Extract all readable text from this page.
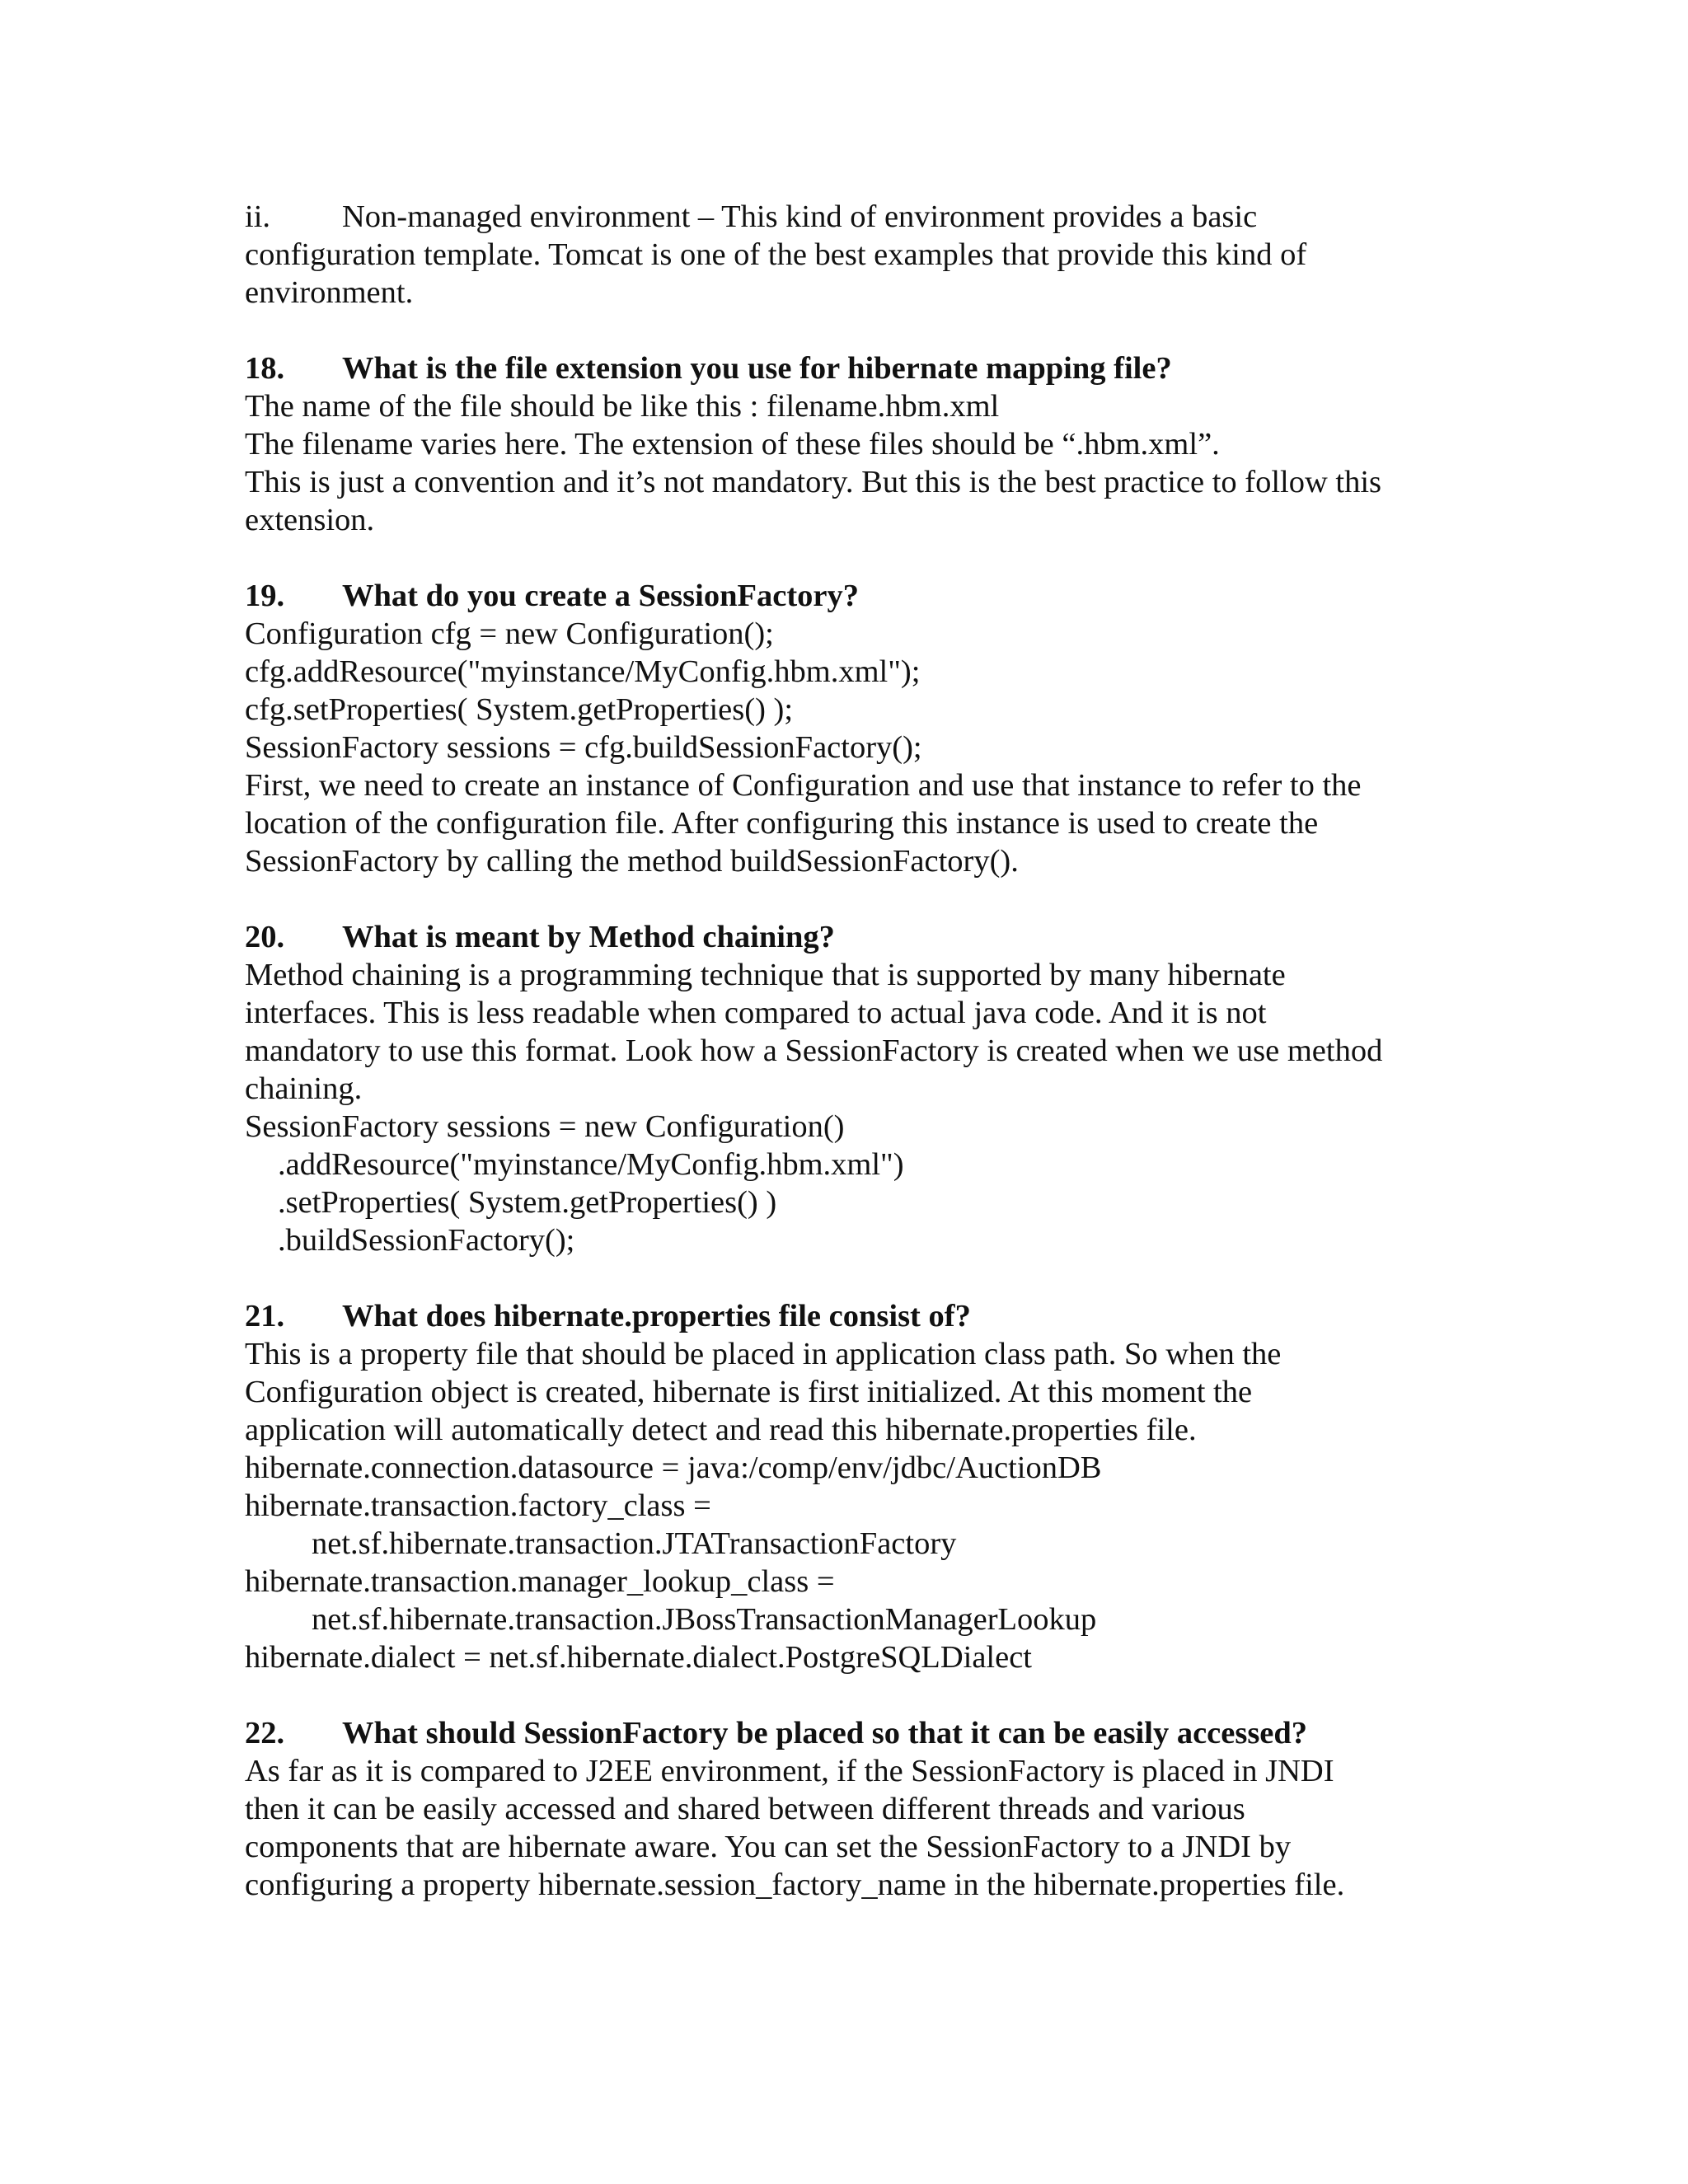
ii. Non-managed environment – This kind of environment provides a basic
configuration template. Tomcat is one of the best examples that provide this kind of
environment.
18. What is the file extension you use for hibernate mapping file?
The name of the file should be like this : filename.hbm.xml
The filename varies here. The extension of these files should be “.hbm.xml”.
This is just a convention and it’s not mandatory. But this is the best practice to follow this
extension.
19. What do you create a SessionFactory?
Configuration cfg = new Configuration();
cfg.addResource("myinstance/MyConfig.hbm.xml");
cfg.setProperties( System.getProperties() );
SessionFactory sessions = cfg.buildSessionFactory();
First, we need to create an instance of Configuration and use that instance to refer to the
location of the configuration file. After configuring this instance is used to create the
SessionFactory by calling the method buildSessionFactory().
20. What is meant by Method chaining?
Method chaining is a programming technique that is supported by many hibernate
interfaces. This is less readable when compared to actual java code. And it is not
mandatory to use this format. Look how a SessionFactory is created when we use method
chaining.
SessionFactory sessions = new Configuration()
.addResource("myinstance/MyConfig.hbm.xml")
.setProperties( System.getProperties() )
.buildSessionFactory();
21. What does hibernate.properties file consist of?
This is a property file that should be placed in application class path. So when the
Configuration object is created, hibernate is first initialized. At this moment the
application will automatically detect and read this hibernate.properties file.
hibernate.connection.datasource = java:/comp/env/jdbc/AuctionDB
hibernate.transaction.factory_class =
net.sf.hibernate.transaction.JTATransactionFactory
hibernate.transaction.manager_lookup_class =
net.sf.hibernate.transaction.JBossTransactionManagerLookup
hibernate.dialect = net.sf.hibernate.dialect.PostgreSQLDialect
22. What should SessionFactory be placed so that it can be easily accessed?
As far as it is compared to J2EE environment, if the SessionFactory is placed in JNDI
then it can be easily accessed and shared between different threads and various
components that are hibernate aware. You can set the SessionFactory to a JNDI by
configuring a property hibernate.session_factory_name in the hibernate.properties file.
